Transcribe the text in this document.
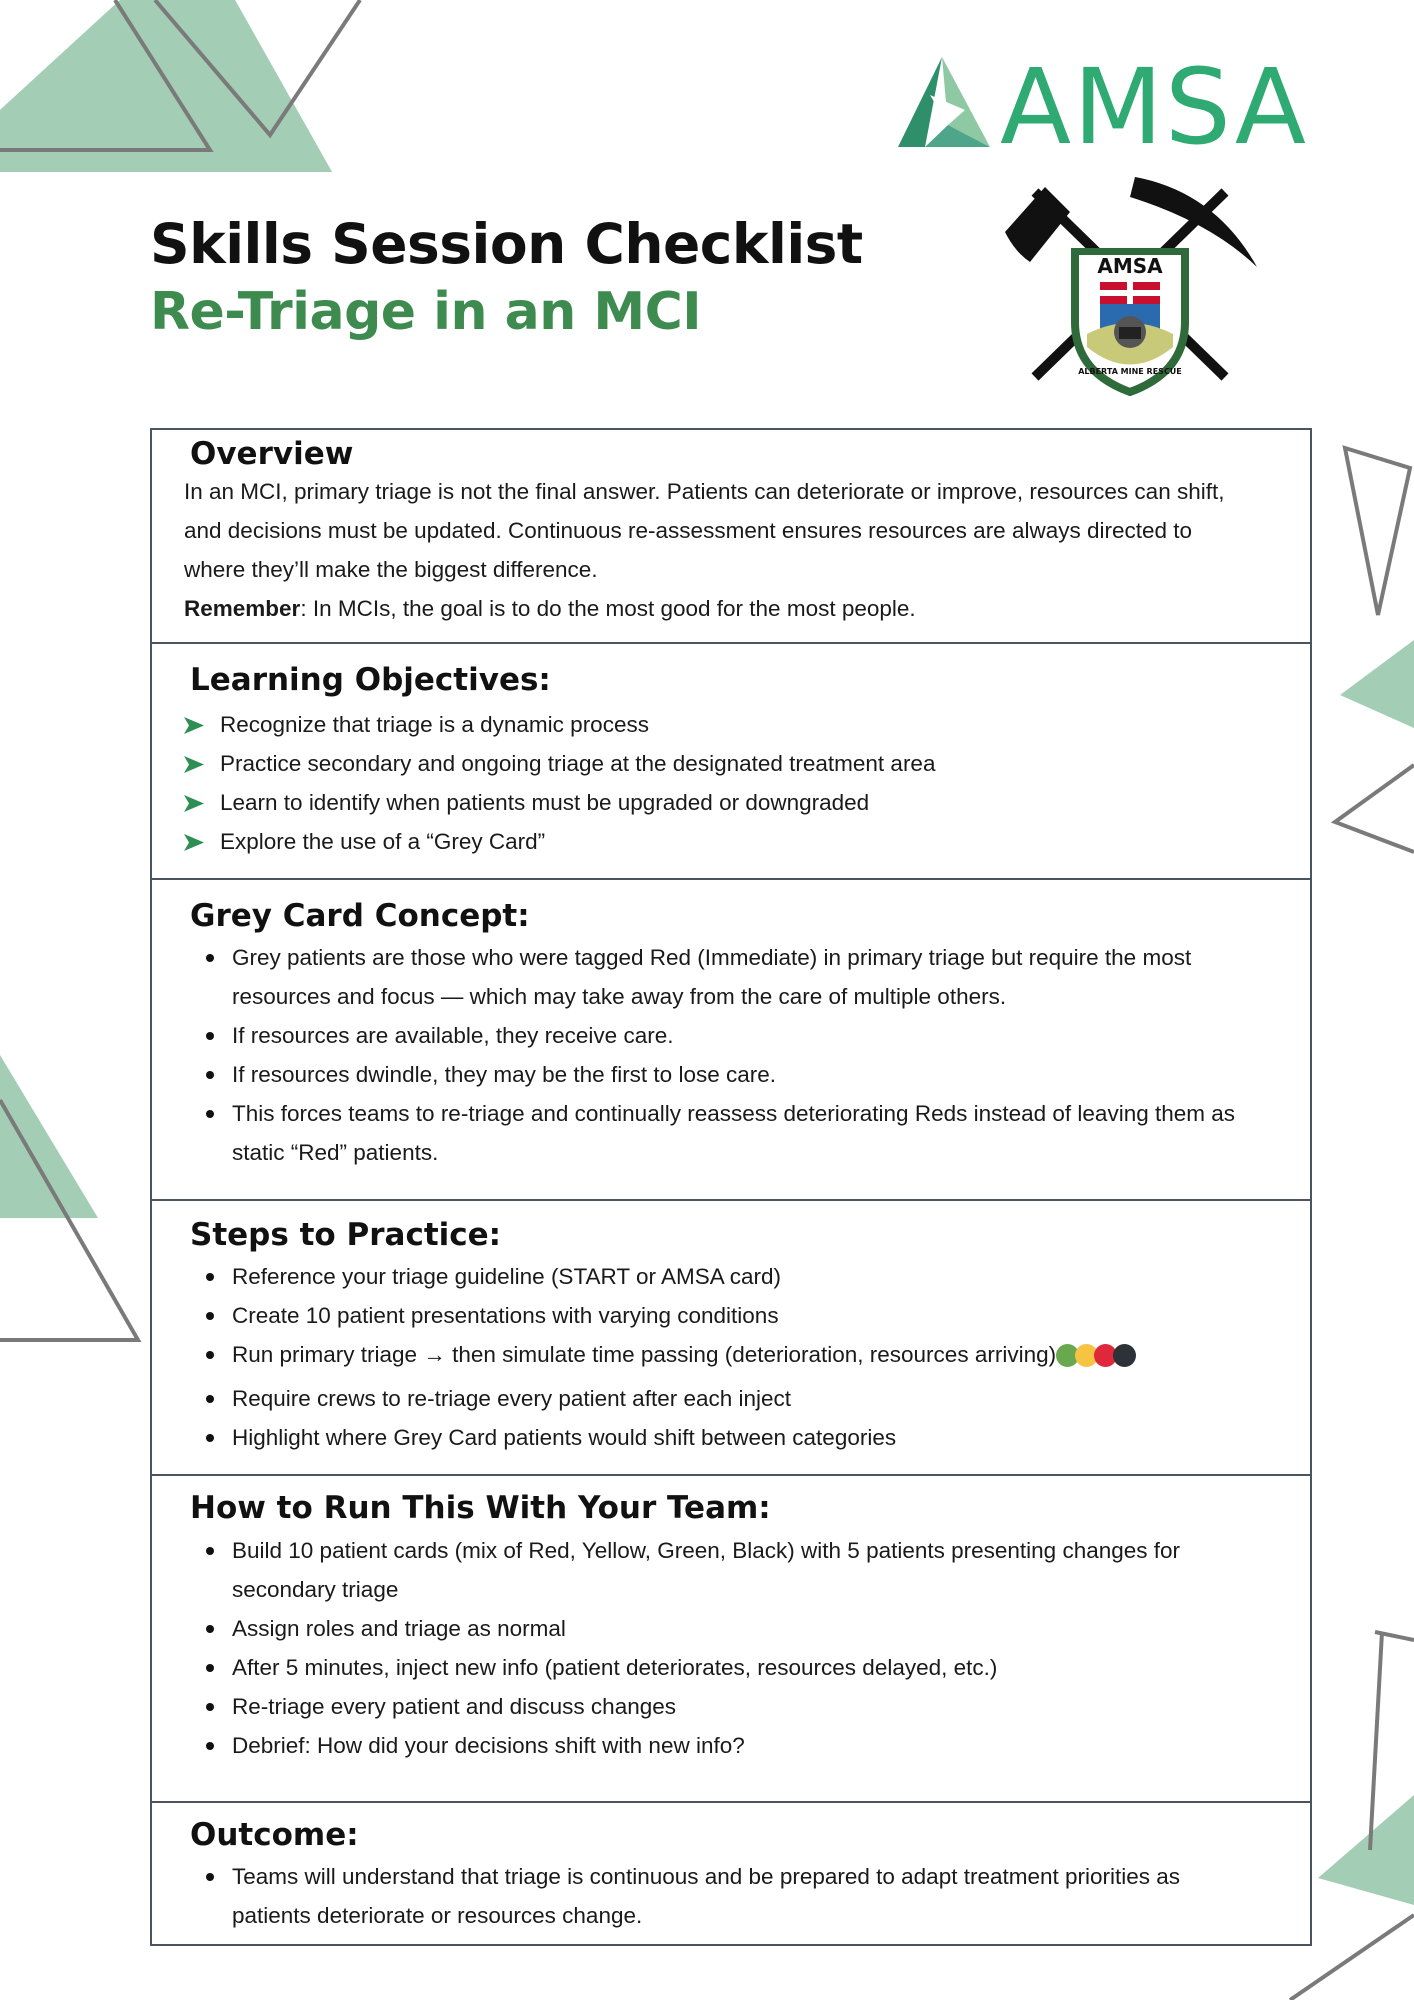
AMSA
Skills Session Checklist
Re-Triage in an MCI
AMSA
ALBERTA MINE RESCUE
Overview

In an MCI, primary triage is not the final answer. Patients can deteriorate or improve, resources can shift,

and decisions must be updated. Continuous re-assessment ensures resources are always directed to

where they’ll make the biggest difference.

Remember: In MCIs, the goal is to do the most good for the most people.

Learning Objectives:
Recognize that triage is a dynamic process
Practice secondary and ongoing triage at the designated treatment area
Learn to identify when patients must be upgraded or downgraded
Explore the use of a “Grey Card”
Grey Card Concept:
Grey patients are those who were tagged Red (Immediate) in primary triage but require the most
resources and focus — which may take away from the care of multiple others.
If resources are available, they receive care.
If resources dwindle, they may be the first to lose care.
This forces teams to re-triage and continually reassess deteriorating Reds instead of leaving them as
static “Red” patients.
Steps to Practice:
Reference your triage guideline (START or AMSA card)
Create 10 patient presentations with varying conditions
Run primary triage → then simulate time passing (deterioration, resources arriving)
Require crews to re-triage every patient after each inject
Highlight where Grey Card patients would shift between categories
How to Run This With Your Team:
Build 10 patient cards (mix of Red, Yellow, Green, Black) with 5 patients presenting changes for
secondary triage
Assign roles and triage as normal
After 5 minutes, inject new info (patient deteriorates, resources delayed, etc.)
Re-triage every patient and discuss changes
Debrief: How did your decisions shift with new info?
Outcome:
Teams will understand that triage is continuous and be prepared to adapt treatment priorities as
patients deteriorate or resources change.
